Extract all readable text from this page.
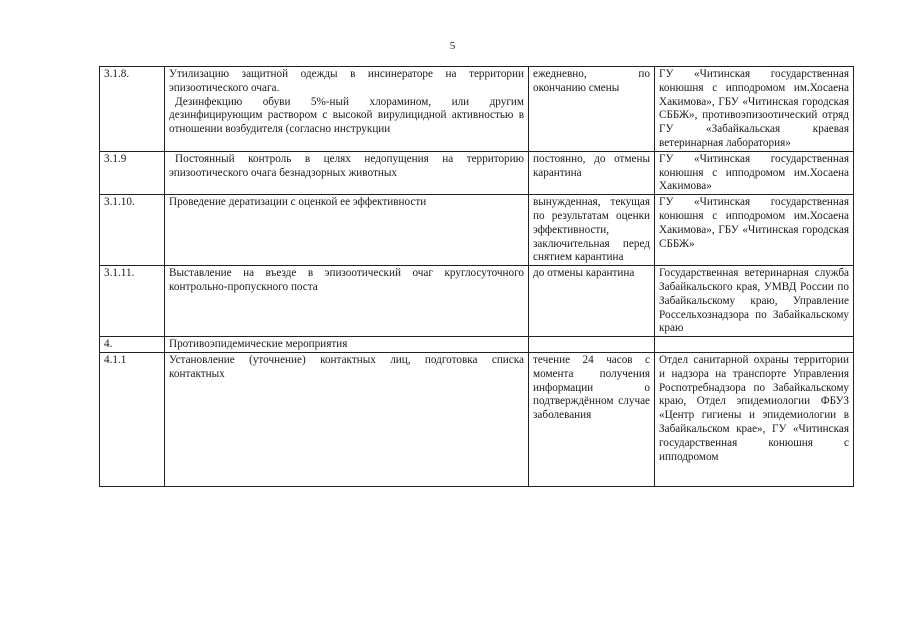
5
3.1.8.	Утилизацию защитной одежды в инсинераторе на территории эпизоотического очага.

Дезинфекцию обуви 5%-ный хлорамином, или другим дезинфицирующим раствором с высокой вирулицидной активностью в отношении возбудителя (согласно инструкции	ежедневно, по окончанию смены	ГУ «Читинская государственная конюшня с ипподромом им.Хосаена Хакимова», ГБУ «Читинская городская СББЖ», противоэпизоотический отряд ГУ «Забайкальская краевая ветеринарная лаборатория»
3.1.9	Постоянный контроль в целях недопущения на территорию эпизоотического очага безнадзорных животных	постоянно, до отмены карантина	ГУ «Читинская государственная конюшня с ипподромом им.Хосаена Хакимова»
3.1.10.	Проведение дератизации с оценкой ее эффективности	вынужденная, текущая по результатам оценки эффективности, заключительная перед снятием карантина	ГУ «Читинская государственная конюшня с ипподромом им.Хосаена Хакимова», ГБУ «Читинская городская СББЖ»
3.1.11.	Выставление на въезде в эпизоотический очаг круглосуточного контрольно-пропускного поста	до отмены карантина	Государственная ветеринарная служба Забайкальского края, УМВД России по Забайкальскому краю, Управление Россельхознадзора по Забайкальскому краю
4.	Противоэпидемические мероприятия		

4.1.1	Установление (уточнение) контактных лиц, подготовка списка контактных	течение 24 часов с момента получения информации о подтверждённом случае заболевания	Отдел санитарной охраны территории и надзора на транспорте Управления Роспотребнадзора по Забайкальскому краю, Отдел эпидемиологии ФБУЗ «Центр гигиены и эпидемиологии в Забайкальском крае», ГУ «Читинская государственная конюшня с ипподромом
